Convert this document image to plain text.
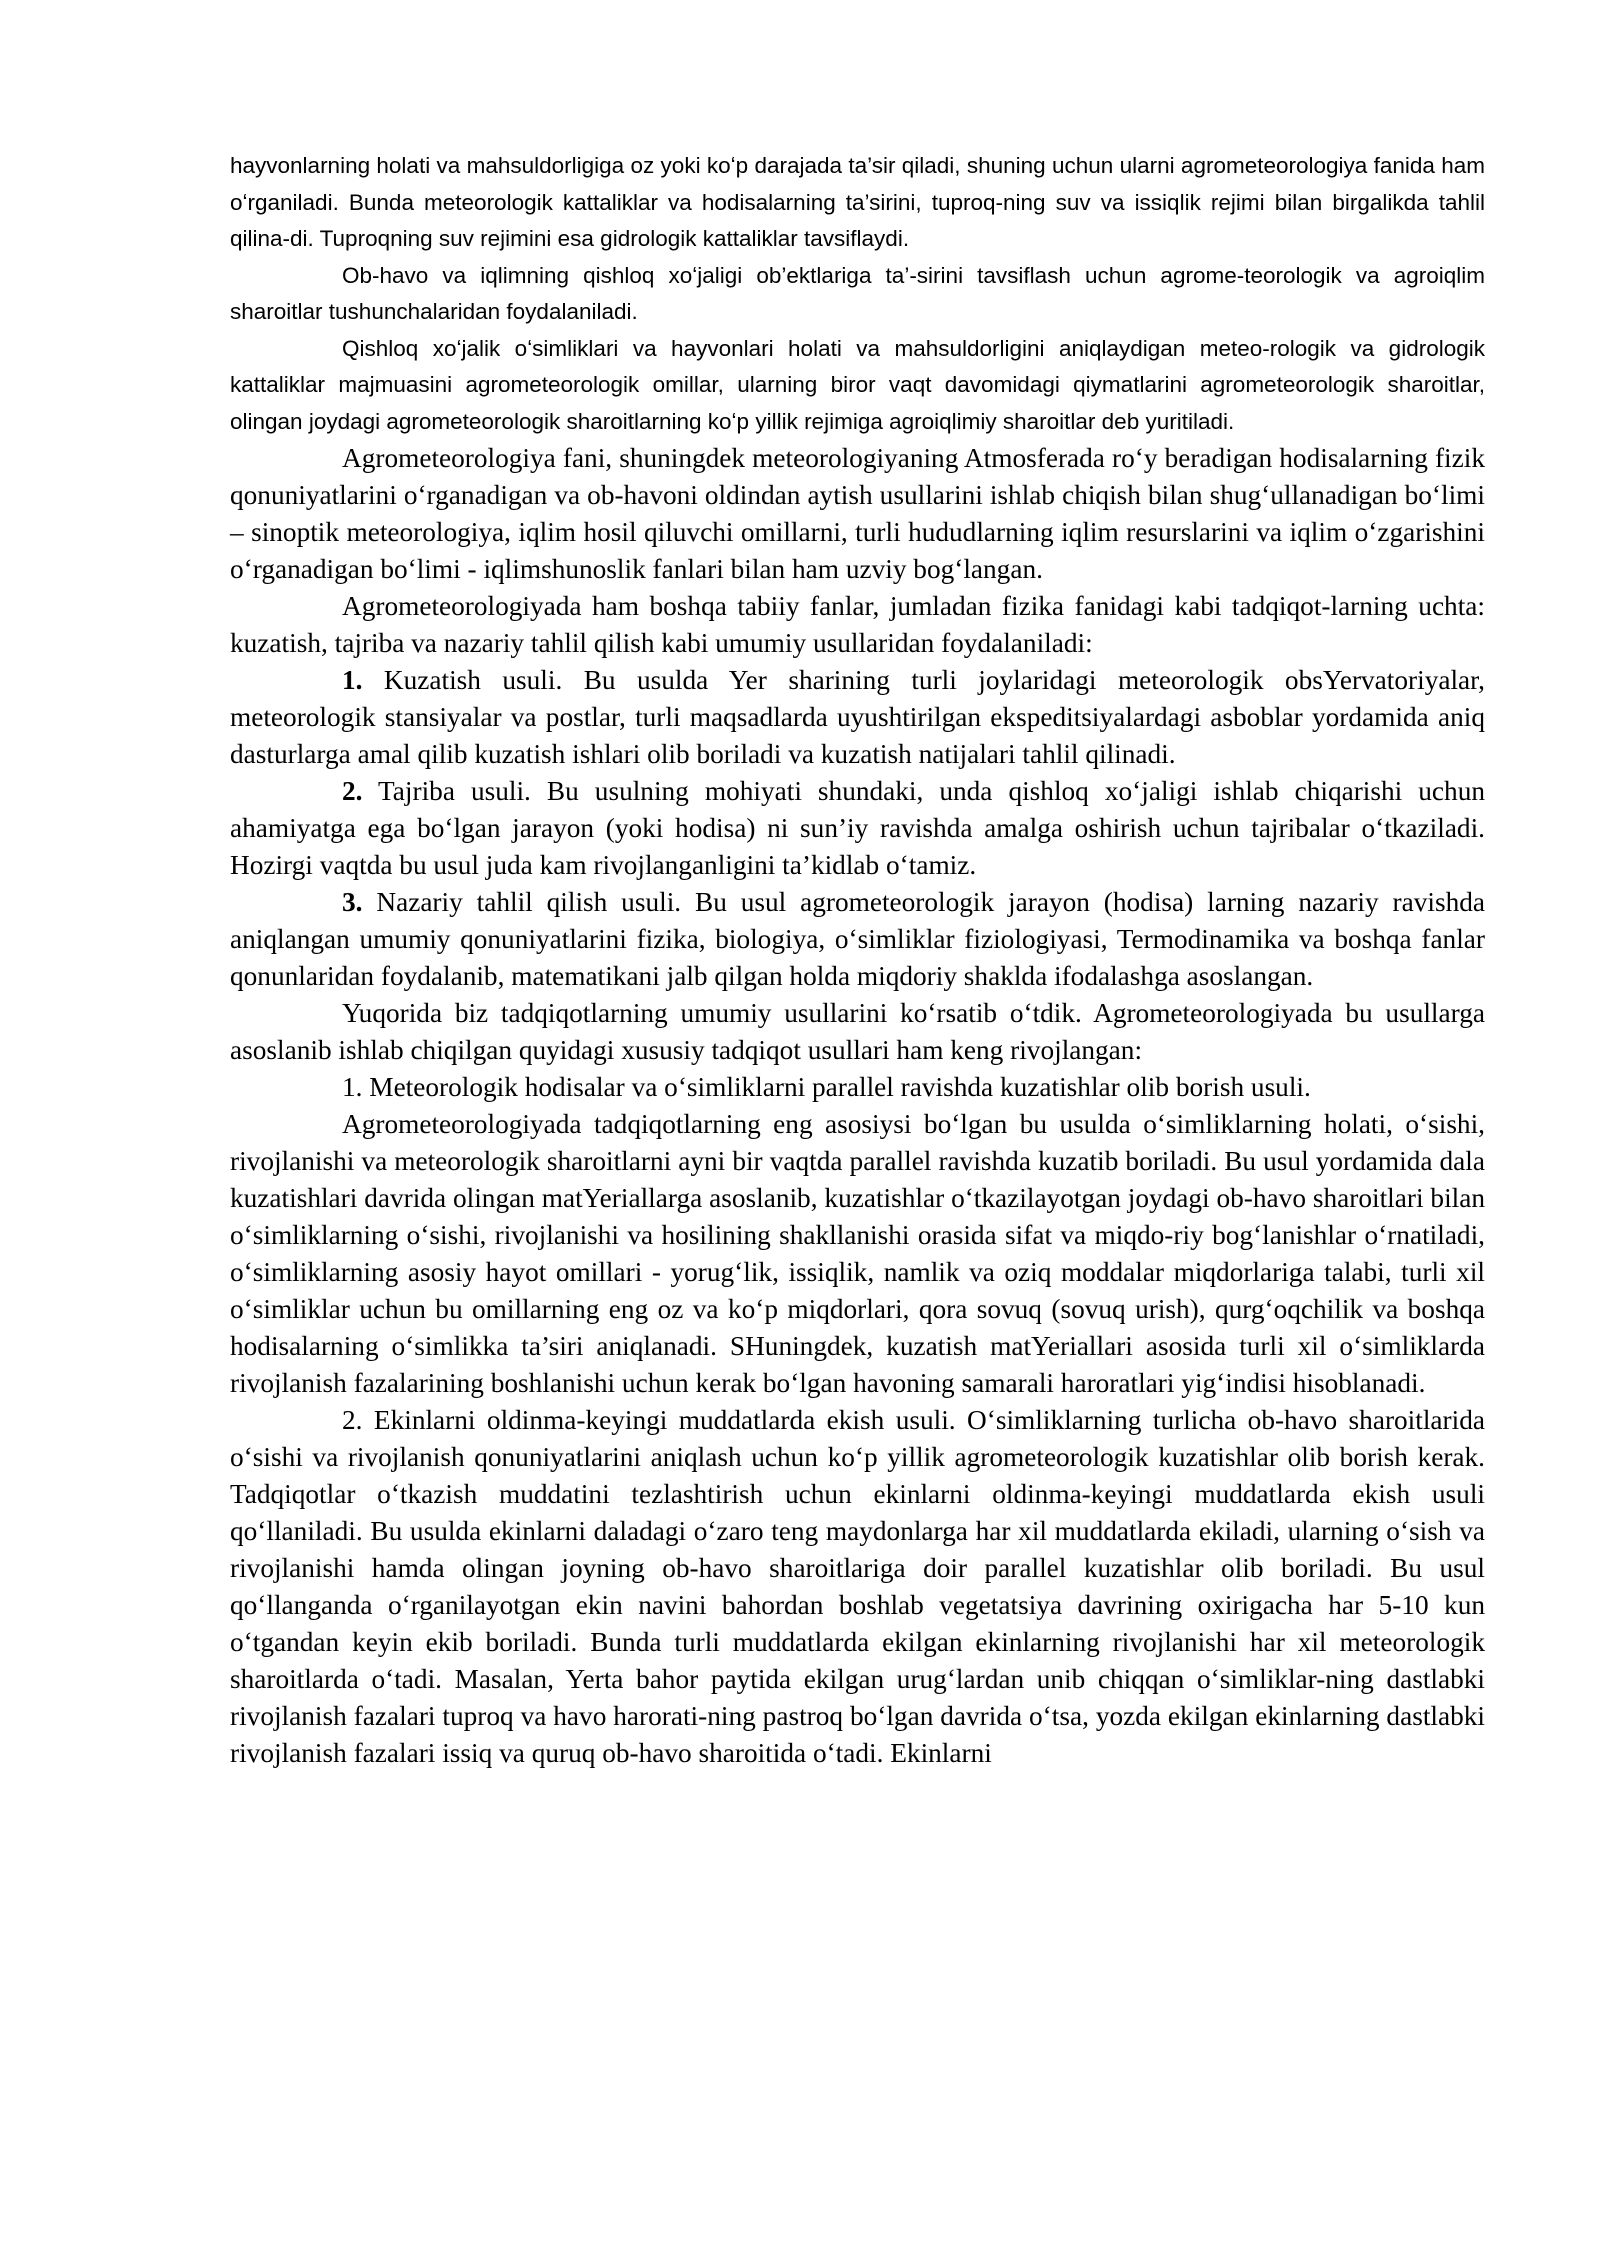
hayvonlarning holati va mahsuldorligiga oz yoki koʻp darajada ta’sir qiladi, shuning uchun ularni agrometeorologiya fanida ham oʻrganiladi. Bunda meteorologik kattaliklar va hodisalarning ta’sirini, tuproq-ning suv va issiqlik rejimi bilan birgalikda tahlil qilina-di. Tuproqning suv rejimini esa gidrologik kattaliklar tavsiflaydi.

Ob-havo va iqlimning qishloq xoʻjaligi ob’ektlariga ta’-sirini tavsiflash uchun agrome-teorologik va agroiqlim sharoitlar tushunchalaridan foydalaniladi.

Qishloq xoʻjalik oʻsimliklari va hayvonlari holati va mahsuldorligini aniqlaydigan meteo-rologik va gidrologik kattaliklar majmuasini agrometeorologik omillar, ularning biror vaqt davomidagi qiymatlarini agrometeorologik sharoitlar, olingan joydagi agrometeorologik sharoitlarning koʻp yillik rejimiga agroiqlimiy sharoitlar deb yuritiladi.

Agrometeorologiya fani, shuningdek meteorologiyaning Atmosferada ro‘y beradigan hodisalarning fizik qonuniyatlarini o‘rganadigan va ob-havoni oldindan aytish usullarini ishlab chiqish bilan shug‘ullanadigan bo‘limi – sinoptik meteorologiya, iqlim hosil qiluvchi omillarni, turli hududlarning iqlim resurslarini va iqlim o‘zgarishini o‘rganadigan bo‘limi - iqlimshunoslik fanlari bilan ham uzviy bog‘langan.

Agrometeorologiyada ham boshqa tabiiy fanlar, jumladan fizika fanidagi kabi tadqiqot-larning uchta: kuzatish, tajriba va nazariy tahlil qilish kabi umumiy usullaridan foydalaniladi:

1. Kuzatish usuli. Bu usulda Yer sharining turli joylaridagi meteorologik obsYervatoriyalar, meteorologik stansiyalar va postlar, turli maqsadlarda uyushtirilgan ekspeditsiyalardagi asboblar yordamida aniq dasturlarga amal qilib kuzatish ishlari olib boriladi va kuzatish natijalari tahlil qilinadi.

2. Tajriba usuli. Bu usulning mohiyati shundaki, unda qishloq xo‘jaligi ishlab chiqarishi uchun ahamiyatga ega bo‘lgan jarayon (yoki hodisa) ni sun’iy ravishda amalga oshirish uchun tajribalar o‘tkaziladi. Hozirgi vaqtda bu usul juda kam rivojlanganligini ta’kidlab o‘tamiz.

3. Nazariy tahlil qilish usuli. Bu usul agrometeorologik jarayon (hodisa) larning nazariy ravishda aniqlangan umumiy qonuniyatlarini fizika, biologiya, o‘simliklar fiziologiyasi, Termodinamika va boshqa fanlar qonunlaridan foydalanib, matematikani jalb qilgan holda miqdoriy shaklda ifodalashga asoslangan.

Yuqorida biz tadqiqotlarning umumiy usullarini ko‘rsatib o‘tdik. Agrometeorologiyada bu usullarga asoslanib ishlab chiqilgan quyidagi xususiy tadqiqot usullari ham keng rivojlangan:

1. Meteorologik hodisalar va o‘simliklarni parallel ravishda kuzatishlar olib borish usuli.

Agrometeorologiyada tadqiqotlarning eng asosiysi bo‘lgan bu usulda o‘simliklarning holati, o‘sishi, rivojlanishi va meteorologik sharoitlarni ayni bir vaqtda parallel ravishda kuzatib boriladi. Bu usul yordamida dala kuzatishlari davrida olingan matYeriallarga asoslanib, kuzatishlar o‘tkazilayotgan joydagi ob-havo sharoitlari bilan o‘simliklarning o‘sishi, rivojlanishi va hosilining shakllanishi orasida sifat va miqdo-riy bog‘lanishlar o‘rnatiladi, o‘simliklarning asosiy hayot omillari - yorug‘lik, issiqlik, namlik va oziq moddalar miqdorlariga talabi, turli xil o‘simliklar uchun bu omillarning eng oz va ko‘p miqdorlari, qora sovuq (sovuq urish), qurg‘oqchilik va boshqa hodisalarning o‘simlikka ta’siri aniqlanadi. SHuningdek, kuzatish matYeriallari asosida turli xil o‘simliklarda rivojlanish fazalarining boshlanishi uchun kerak bo‘lgan havoning samarali haroratlari yig‘indisi hisoblanadi.

2. Ekinlarni oldinma-keyingi muddatlarda ekish usuli. O‘simliklarning turlicha ob-havo sharoitlarida o‘sishi va rivojlanish qonuniyatlarini aniqlash uchun ko‘p yillik agrometeorologik kuzatishlar olib borish kerak. Tadqiqotlar o‘tkazish muddatini tezlashtirish uchun ekinlarni oldinma-keyingi muddatlarda ekish usuli qo‘llaniladi. Bu usulda ekinlarni daladagi o‘zaro teng maydonlarga har xil muddatlarda ekiladi, ularning o‘sish va rivojlanishi hamda olingan joyning ob-havo sharoitlariga doir parallel kuzatishlar olib boriladi. Bu usul qo‘llanganda o‘rganilayotgan ekin navini bahordan boshlab vegetatsiya davrining oxirigacha har 5-10 kun o‘tgandan keyin ekib boriladi. Bunda turli muddatlarda ekilgan ekinlarning rivojlanishi har xil meteorologik sharoitlarda o‘tadi. Masalan, Yerta bahor paytida ekilgan urug‘lardan unib chiqqan o‘simliklar-ning dastlabki rivojlanish fazalari tuproq va havo harorati-ning pastroq bo‘lgan davrida o‘tsa, yozda ekilgan ekinlarning dastlabki rivojlanish fazalari issiq va quruq ob-havo sharoitida o‘tadi. Ekinlarni
